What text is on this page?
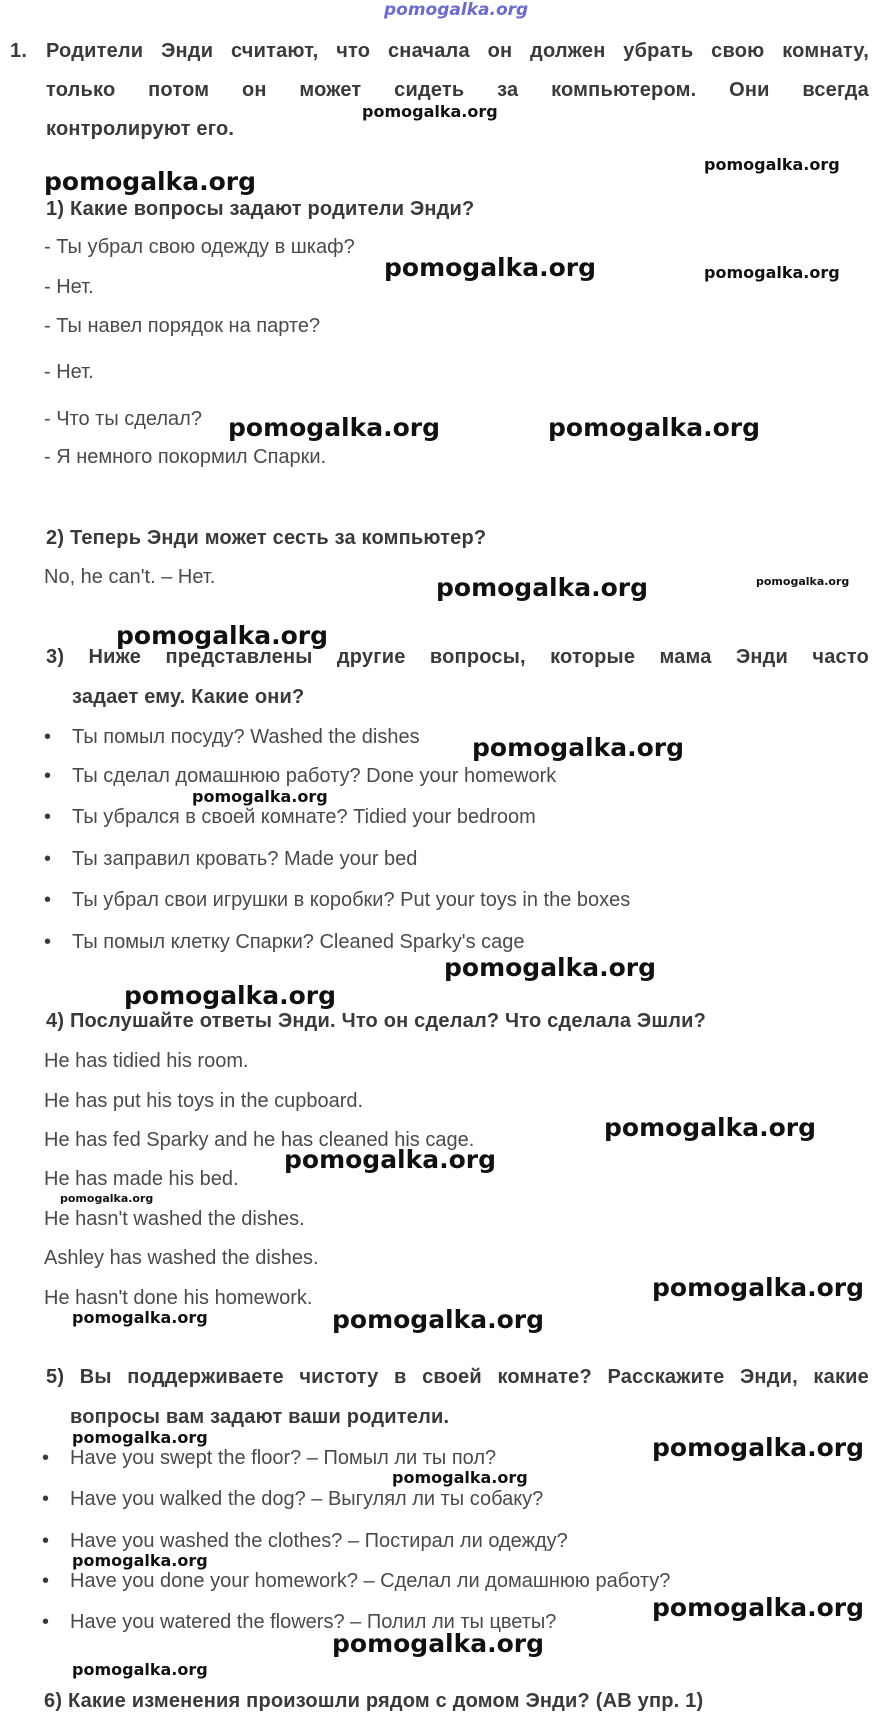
pomogalka.org
1. Родители Энди считают, что сначала он должен убрать свою комнату,
только потом он может сидеть за компьютером. Они всегда
контролируют его.
1) Какие вопросы задают родители Энди?
- Ты убрал свою одежду в шкаф?
- Нет.
- Ты навел порядок на парте?
- Нет.
- Что ты сделал?
- Я немного покормил Спарки.
2) Теперь Энди может сесть за компьютер?
No, he can't. – Нет.
3) Ниже представлены другие вопросы, которые мама Энди часто
задает ему. Какие они?
• Ты помыл посуду? Washed the dishes
• Ты сделал домашнюю работу? Done your homework
• Ты убрался в своей комнате? Tidied your bedroom
• Ты заправил кровать? Made your bed
• Ты убрал свои игрушки в коробки? Put your toys in the boxes
• Ты помыл клетку Спарки? Cleaned Sparky's cage
4) Послушайте ответы Энди. Что он сделал? Что сделала Эшли?
He has tidied his room.
He has put his toys in the cupboard.
He has fed Sparky and he has cleaned his cage.
He has made his bed.
He hasn't washed the dishes.
Ashley has washed the dishes.
He hasn't done his homework.
5) Вы поддерживаете чистоту в своей комнате? Расскажите Энди, какие
вопросы вам задают ваши родители.
• Have you swept the floor? – Помыл ли ты пол?
• Have you walked the dog? – Выгулял ли ты собаку?
• Have you washed the clothes? – Постирал ли одежду?
• Have you done your homework? – Сделал ли домашнюю работу?
• Have you watered the flowers? – Полил ли ты цветы?
6) Какие изменения произошли рядом с домом Энди? (AB упр. 1)
pomogalka.org
pomogalka.org
pomogalka.org
pomogalka.org	pomogalka.org
pomogalka.org	pomogalka.org
pomogalka.org	pomogalka.org
pomogalka.org
pomogalka.org
pomogalka.org
pomogalka.org
pomogalka.org
pomogalka.org
pomogalka.org
pomogalka.org
pomogalka.org
pomogalka.org	pomogalka.org
pomogalka.org	pomogalka.org
pomogalka.org
pomogalka.org
pomogalka.org
pomogalka.org
pomogalka.org
